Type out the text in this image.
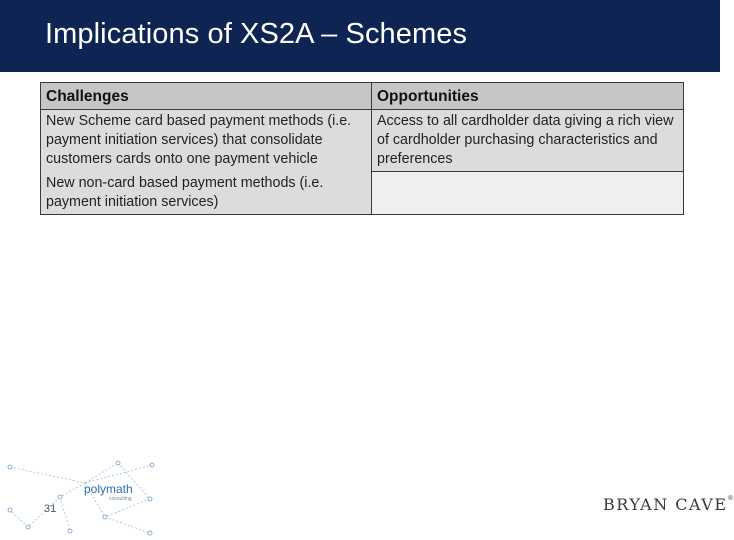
Implications of XS2A – Schemes
Challenges	Opportunities
New Scheme card based payment methods (i.e. payment initiation services) that consolidate customers cards onto one payment vehicle	Access to all cardholder data giving a rich view of cardholder purchasing characteristics and preferences
New non-card based payment methods (i.e. payment initiation services)	
polymath
consulting
31	BRYAN CAVE®
